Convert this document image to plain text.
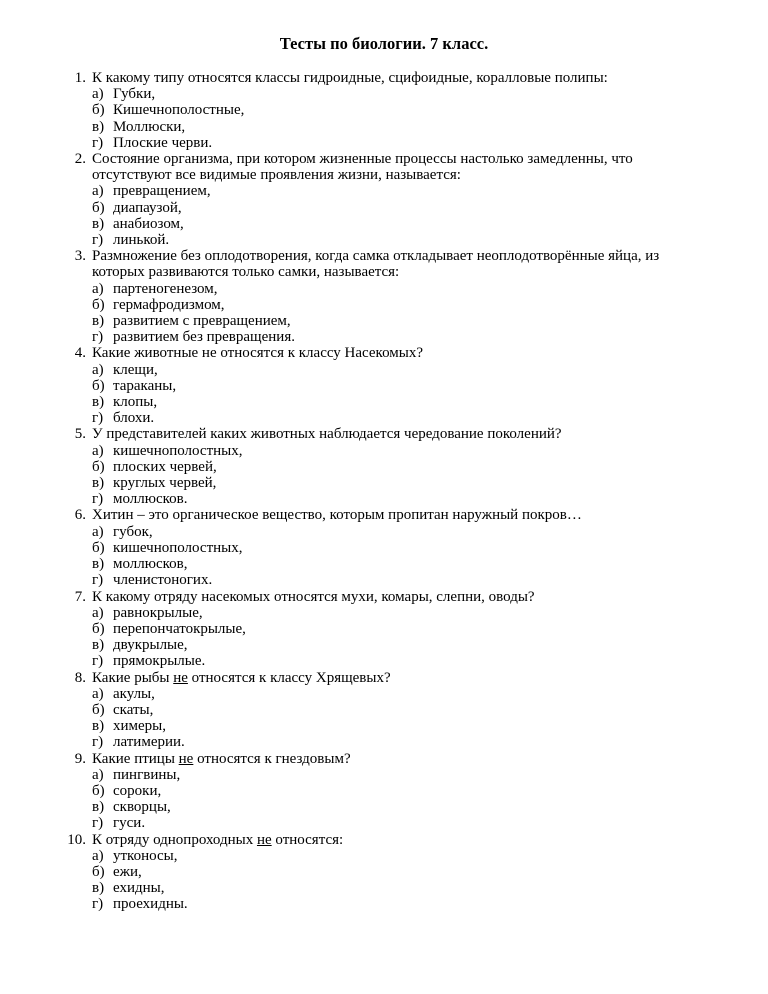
Тесты по биологии. 7 класс.
1. К какому типу относятся классы гидроидные, сцифоидные, коралловые полипы:
а) Губки,
б) Кишечнополостные,
в) Моллюски,
г) Плоские черви.
2. Состояние организма, при котором жизненные процессы настолько замедленны, что отсутствуют все видимые проявления жизни, называется:
а) превращением,
б) диапаузой,
в) анабиозом,
г) линькой.
3. Размножение без оплодотворения, когда самка откладывает неоплодотворённые яйца, из которых развиваются только самки, называется:
а) партеногенезом,
б) гермафродизмом,
в) развитием с превращением,
г) развитием без превращения.
4. Какие животные не относятся к классу Насекомых?
а) клещи,
б) тараканы,
в) клопы,
г) блохи.
5. У представителей каких животных наблюдается чередование поколений?
а) кишечнополостных,
б) плоских червей,
в) круглых червей,
г) моллюсков.
6. Хитин – это органическое вещество, которым пропитан наружный покров…
а) губок,
б) кишечнополостных,
в) моллюсков,
г) членистоногих.
7. К какому отряду насекомых относятся мухи, комары, слепни, оводы?
а) равнокрылые,
б) перепончатокрылые,
в) двукрылые,
г) прямокрылые.
8. Какие рыбы не относятся к классу Хрящевых?
а) акулы,
б) скаты,
в) химеры,
г) латимерии.
9. Какие птицы не относятся к гнездовым?
а) пингвины,
б) сороки,
в) скворцы,
г) гуси.
10. К отряду однопроходных не относятся:
а) утконосы,
б) ежи,
в) ехидны,
г) проехидны.
